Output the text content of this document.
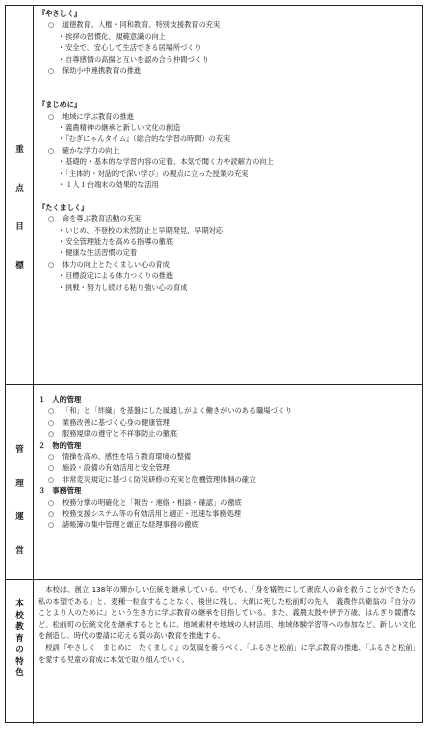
重
点
目
標
管
理
運
営
本
校
教
育
の
特
色
『やさしく』
○ 道徳教育、人権・同和教育、特別支援教育の充実
・挨拶の習慣化、規範意識の向上
・安全で、安心して生活できる居場所づくり
・自尊感情の高揚と互いを認め合う仲間づくり
○ 保幼小中連携教育の推進
『まじめに』
○ 地域に学ぶ教育の推進
・義農精神の継承と新しい文化の創造
・『むぎにゃんタイム』（総合的な学習の時間）の充実
○ 確かな学力の向上
・基礎的・基本的な学習内容の定着、本気で聞く力や読解力の向上
・「主体的・対話的で深い学び」の視点に立った授業の充実
・１人１台端末の効果的な活用
『たくましく』
○ 命を尊ぶ教育活動の充実
・いじめ、不登校の未然防止と早期発見、早期対応
・安全管理能力を高める指導の徹底
・健康な生活習慣の定着
○ 体力の向上とたくましい心の育成
・目標設定による体力つくりの推進
・挑戦・努力し続ける粘り強い心の育成
１　人的管理
○ 「和」と「絆織」を基盤にした風通しがよく働きがいのある職場づくり
○ 業務改善に基づく心身の健康管理
○ 服務規律の遵守と不祥事防止の徹底
２　物的管理
○ 情操を高め、感性を培う教育環境の整備
○ 施設・設備の有効活用と安全管理
○ 非常変災規定に基づく防災研修の充実と危機管理体制の確立
３　事務管理
○ 校務分掌の明確化と「報告・連絡・相談・確認」の徹底
○ 校務支援システム等の有効活用と適正・迅速な事務処理
○ 諸帳簿の集中管理と厳正な経理事務の徹底
　本校は、創立 138年の輝かしい伝統を継承している。中でも、「身を犠牲にして衆庶人の命を救うことができたら私の本望である」と、麦種一粒食することなく、後世に残し、大飢に死した松前町の先人　義農作兵衛翁の『自分のことより人のために』という生き方に学ぶ教育の継承を目指している。また、義農太鼓や伊予万歳、はんぎり競漕など、松前町の伝統文化を継承するとともに、地域素材や地域の人材活用、地域体験学習等への参加など、新しい文化を創造し、時代の要請に応える質の高い教育を推進する。
　校訓『やさしく　まじめに　たくましく』の気風を養うべく、「ふるさと松前」に学ぶ教育の推進、「ふるさと松前」を愛する児童の育成に本気で取り組んでいく。
